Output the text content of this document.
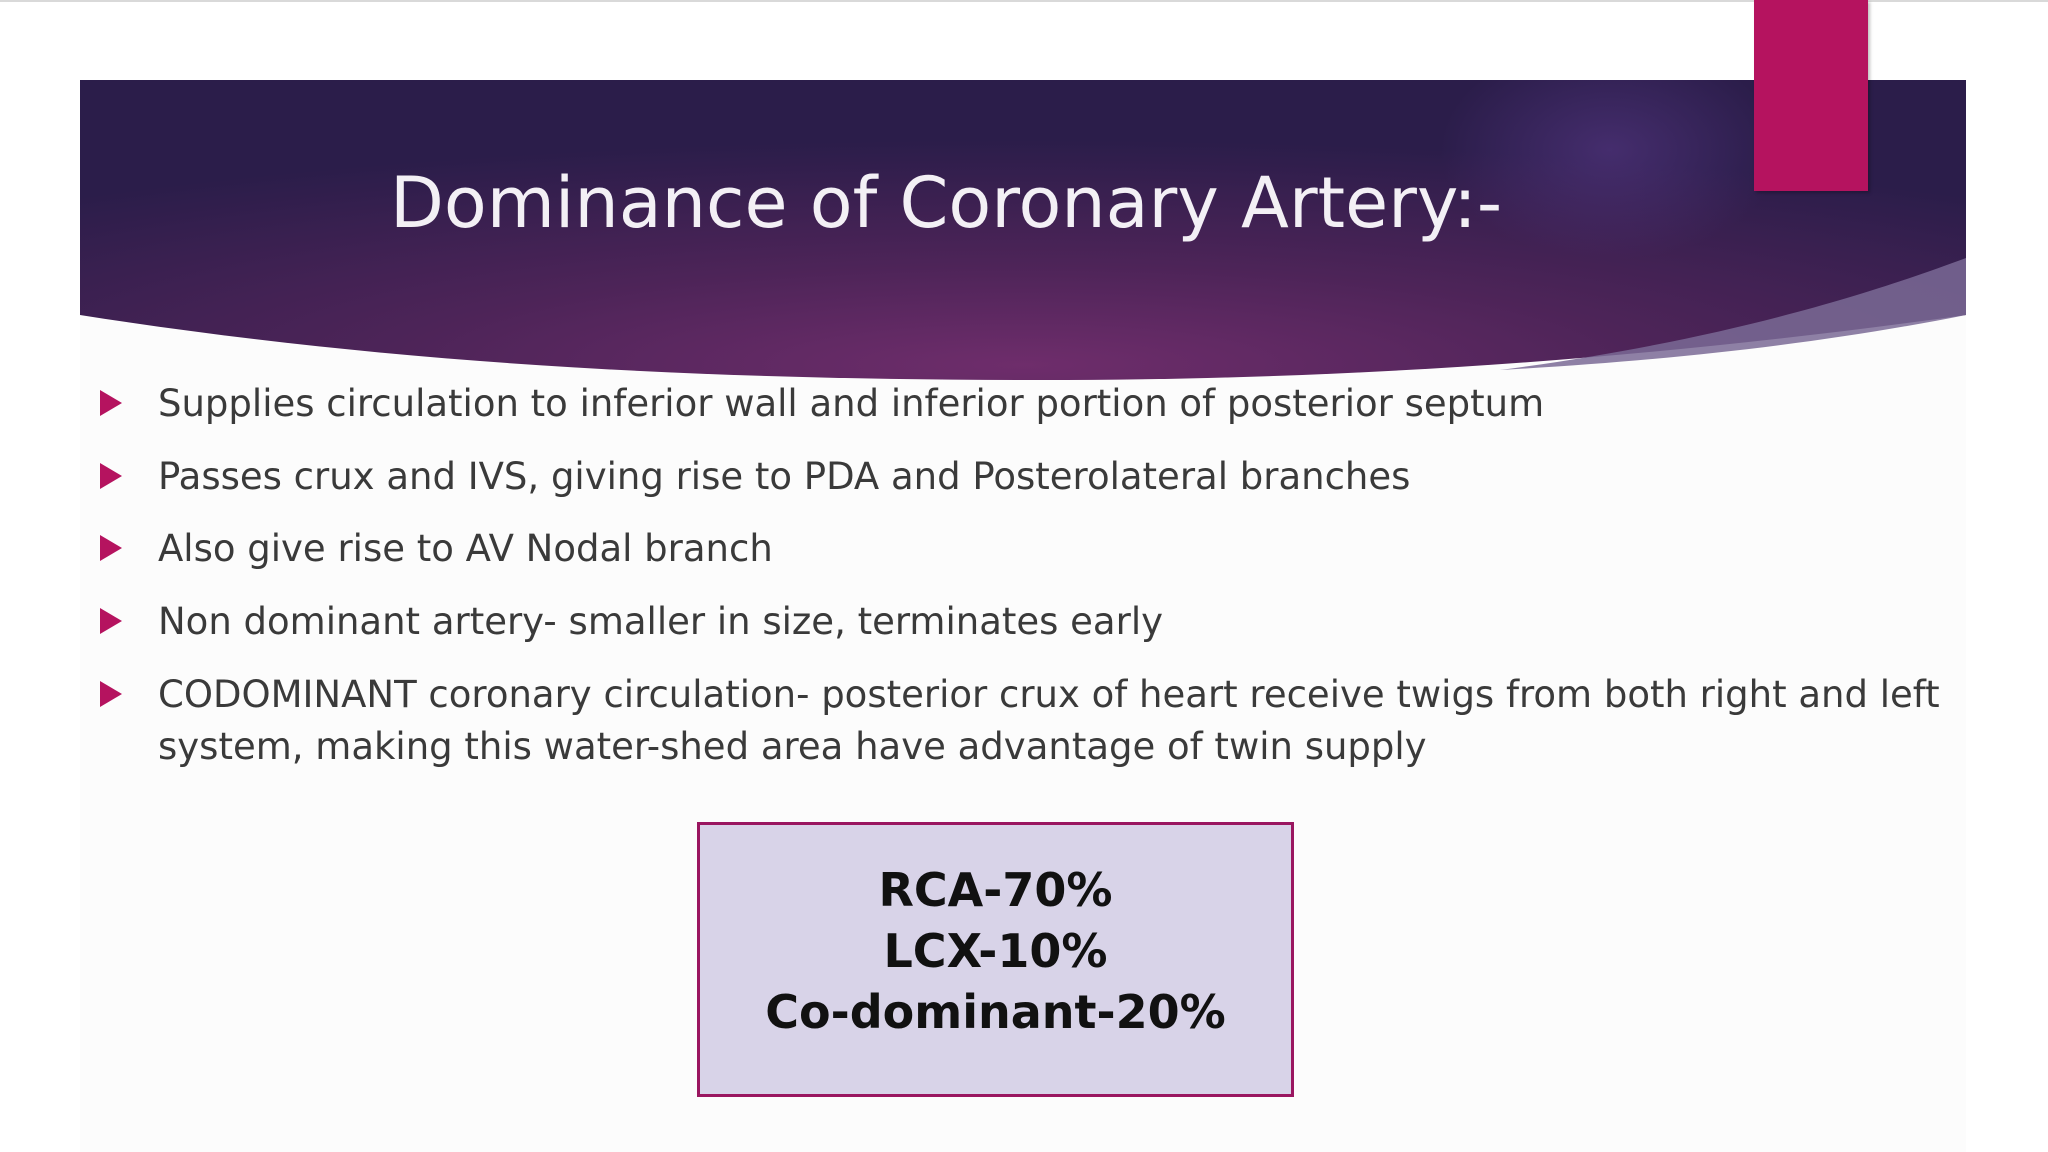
Dominance of Coronary Artery:-
Supplies circulation to inferior wall and inferior portion of posterior septum
Passes crux and IVS, giving rise to PDA and Posterolateral branches
Also give rise to AV Nodal branch
Non dominant artery- smaller in size, terminates early
CODOMINANT coronary circulation- posterior crux of heart receive twigs from both right and left system, making this water-shed area have advantage of twin supply
RCA-70%
LCX-10%
Co-dominant-20%
